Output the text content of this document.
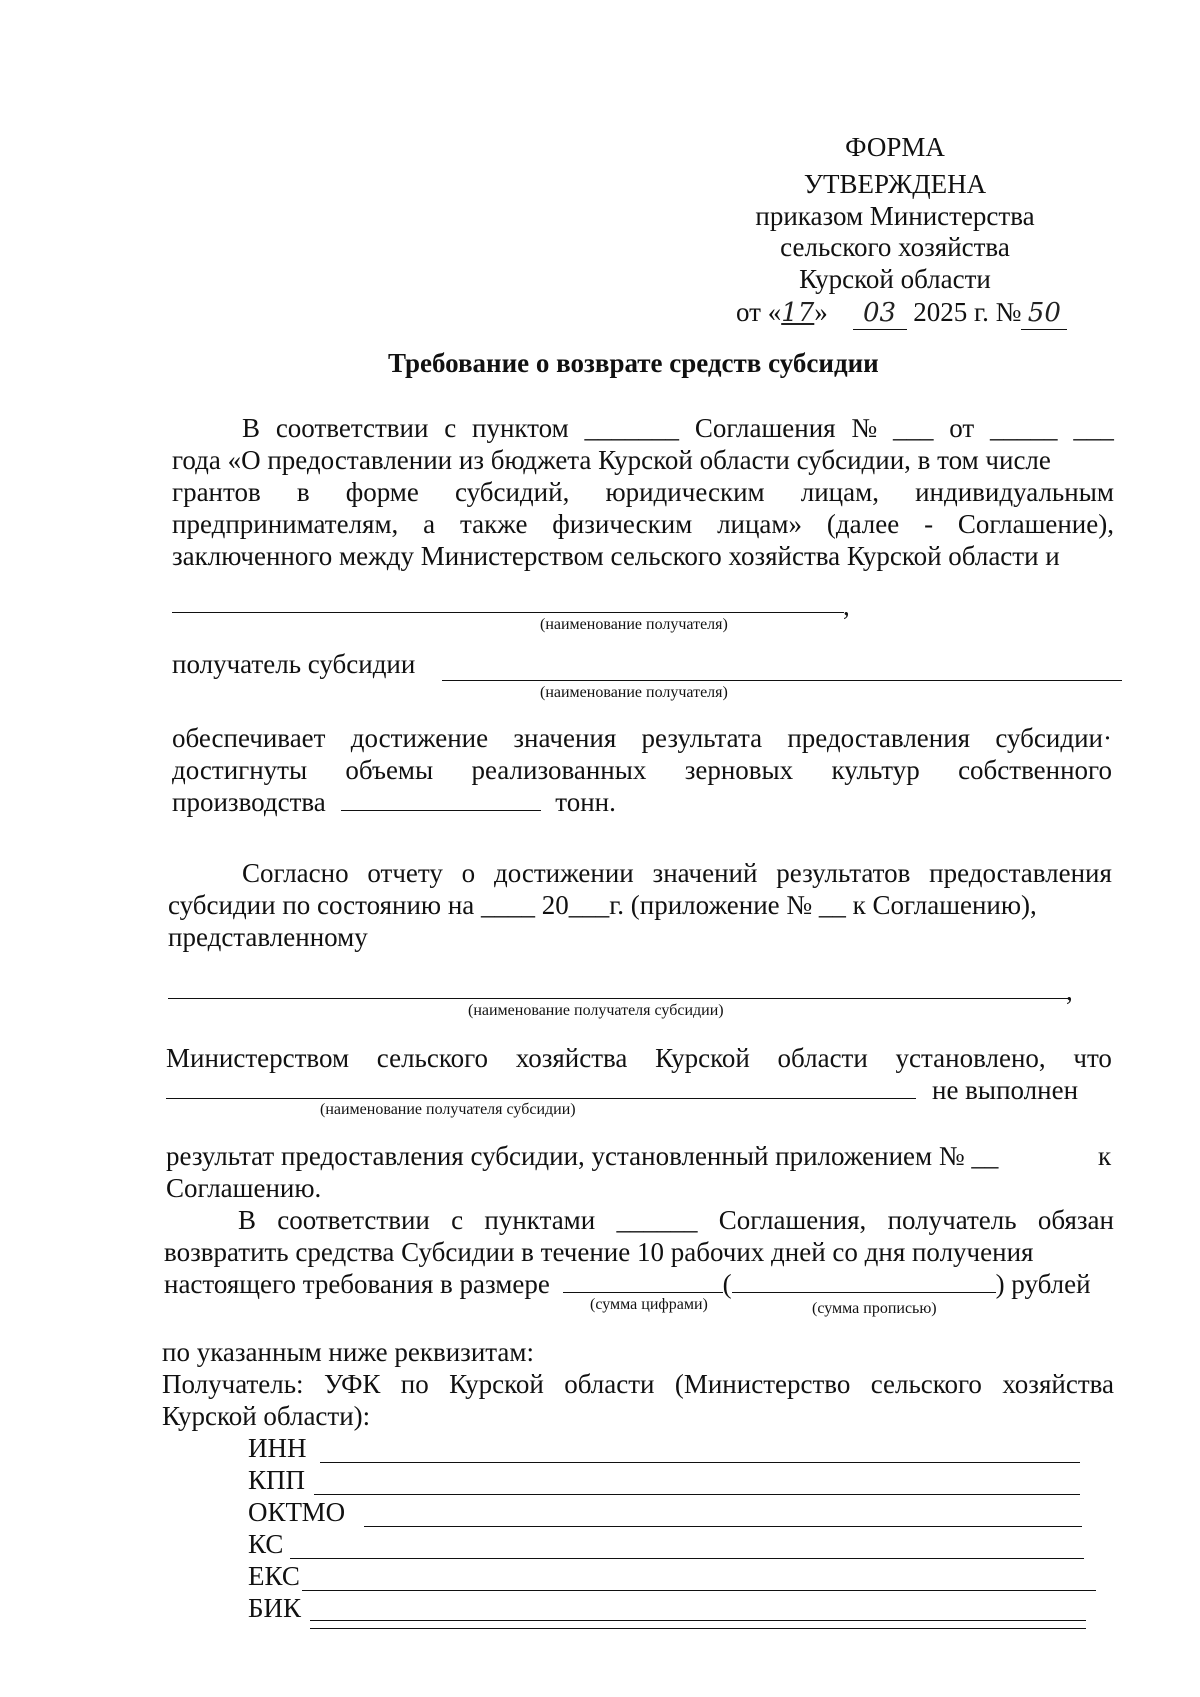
ФОРМА
УТВЕРЖДЕНА
приказом Министерства
сельского хозяйства
Курской области
от «17» 03 2025 г. № 50
Требование о возврате средств субсидии
В соответствии с пунктом _______ Соглашения № ___ от _____ ___
года «О предоставлении из бюджета Курской области субсидии, в том числе
грантов в форме субсидий, юридическим лицам, индивидуальным
предпринимателям, а также физическим лицам» (далее - Соглашение),
заключенного между Министерством сельского хозяйства Курской области и
,
(наименование получателя)
получатель субсидии
(наименование получателя)
обеспечивает достижение значения результата предоставления субсидии·
достигнуты объемы реализованных зерновых культур собственного
производства	тонн.
Согласно отчету о достижении значений результатов предоставления
субсидии по состоянию на ____ 20___г. (приложение № __ к Соглашению),
представленному
,
(наименование получателя субсидии)
Министерством сельского хозяйства Курской области установлено, что
не выполнен
(наименование получателя субсидии)
результат предоставления субсидии, установленный приложением № __	к
Соглашению.
В соответствии с пунктами ______ Соглашения, получатель обязан
возвратить средства Субсидии в течение 10 рабочих дней со дня получения
настоящего требования в размере	(	) рублей
(сумма цифрами)	(сумма прописью)
по указанным ниже реквизитам:
Получатель: УФК по Курской области (Министерство сельского хозяйства
Курской области):
ИНН
КПП
ОКТМО
КС
ЕКС
БИК
